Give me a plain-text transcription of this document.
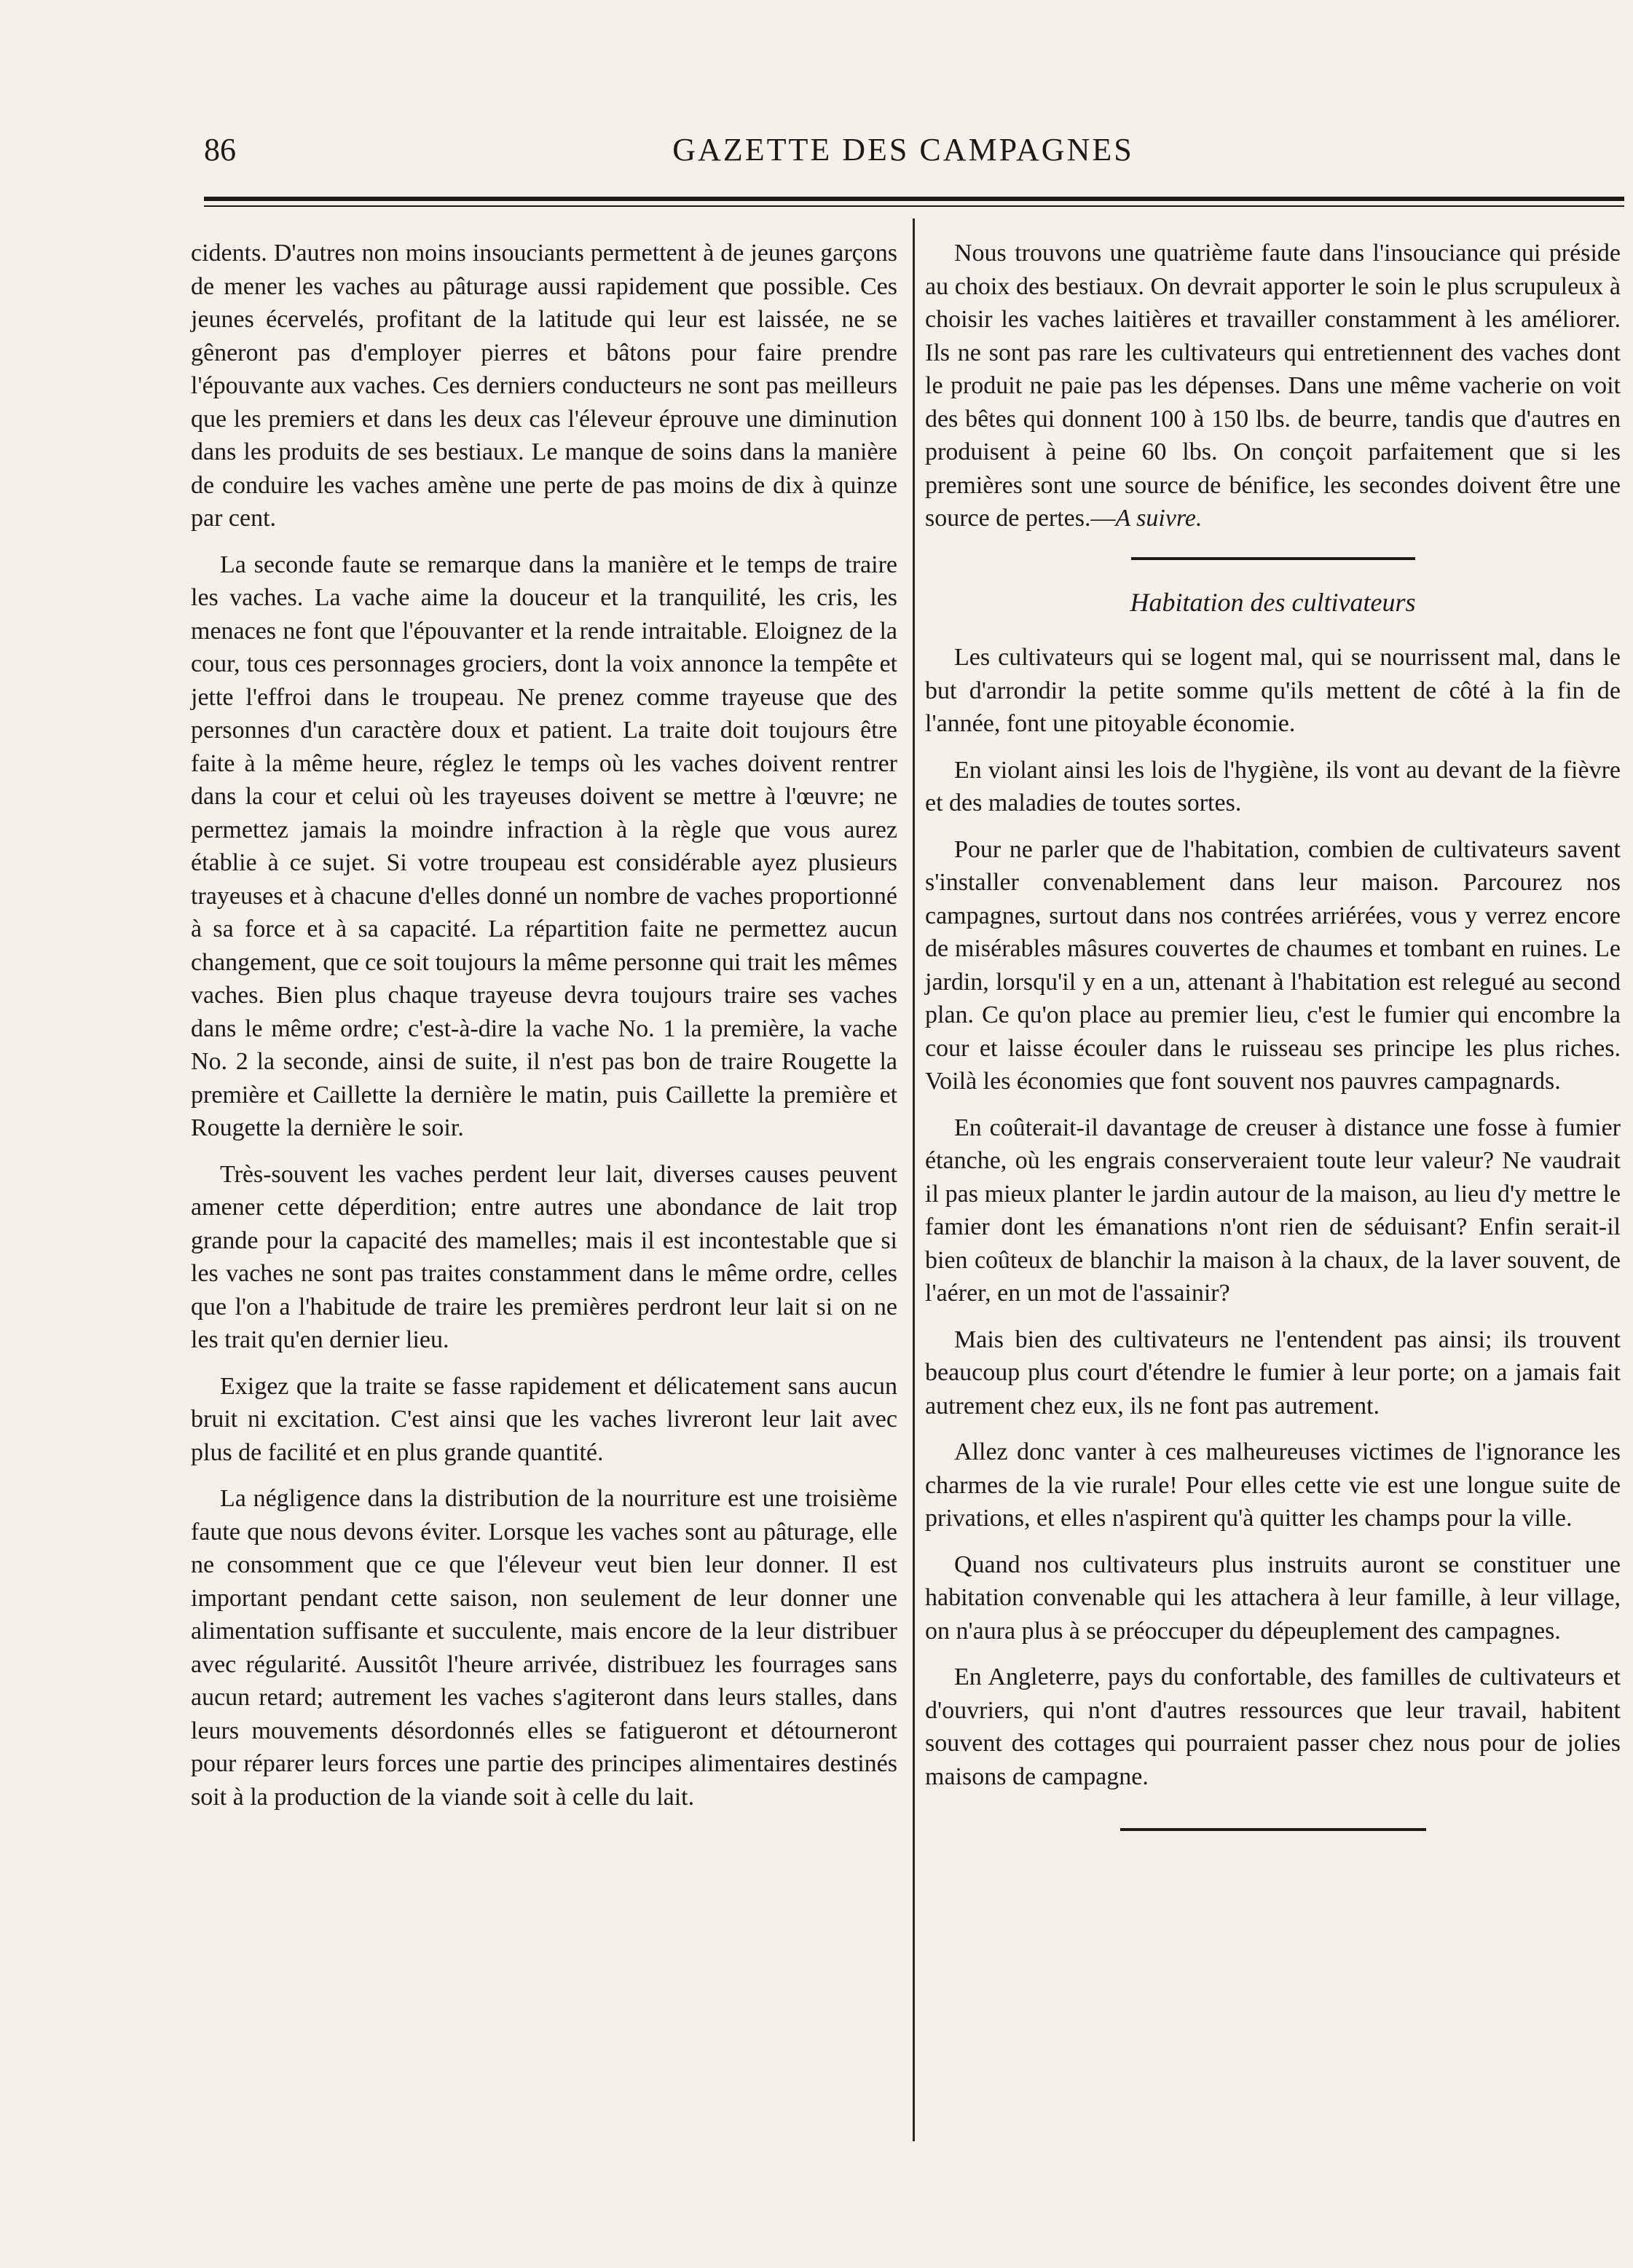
86	GAZETTE DES CAMPAGNES

cidents. D'autres non moins insouciants permettent à de jeunes garçons de mener les vaches au pâturage aussi rapidement que possible. Ces jeunes écervelés, profitant de la latitude qui leur est laissée, ne se gêneront pas d'employer pierres et bâtons pour faire prendre l'épouvante aux vaches. Ces derniers conducteurs ne sont pas meilleurs que les premiers et dans les deux cas l'éleveur éprouve une diminution dans les produits de ses bestiaux. Le manque de soins dans la manière de conduire les vaches amène une perte de pas moins de dix à quinze par cent.

La seconde faute se remarque dans la manière et le temps de traire les vaches. La vache aime la douceur et la tranquilité, les cris, les menaces ne font que l'épouvanter et la rende intraitable. Eloignez de la cour, tous ces personnages grociers, dont la voix annonce la tempête et jette l'effroi dans le troupeau. Ne prenez comme trayeuse que des personnes d'un caractère doux et patient. La traite doit toujours être faite à la même heure, réglez le temps où les vaches doivent rentrer dans la cour et celui où les trayeuses doivent se mettre à l'œuvre; ne permettez jamais la moindre infraction à la règle que vous aurez établie à ce sujet. Si votre troupeau est considérable ayez plusieurs trayeuses et à chacune d'elles donné un nombre de vaches proportionné à sa force et à sa capacité. La répartition faite ne permettez aucun changement, que ce soit toujours la même personne qui trait les mêmes vaches. Bien plus chaque trayeuse devra toujours traire ses vaches dans le même ordre; c'est-à-dire la vache No. 1 la première, la vache No. 2 la seconde, ainsi de suite, il n'est pas bon de traire Rougette la première et Caillette la dernière le matin, puis Caillette la première et Rougette la dernière le soir.

Très-souvent les vaches perdent leur lait, diverses causes peuvent amener cette déperdition; entre autres une abondance de lait trop grande pour la capacité des mamelles; mais il est incontestable que si les vaches ne sont pas traites constamment dans le même ordre, celles que l'on a l'habitude de traire les premières perdront leur lait si on ne les trait qu'en dernier lieu.

Exigez que la traite se fasse rapidement et délicatement sans aucun bruit ni excitation. C'est ainsi que les vaches livreront leur lait avec plus de facilité et en plus grande quantité.

La négligence dans la distribution de la nourriture est une troisième faute que nous devons éviter. Lorsque les vaches sont au pâturage, elle ne consomment que ce que l'éleveur veut bien leur donner. Il est important pendant cette saison, non seulement de leur donner une alimentation suffisante et succulente, mais encore de la leur distribuer avec régularité. Aussitôt l'heure arrivée, distribuez les fourrages sans aucun retard; autrement les vaches s'agiteront dans leurs stalles, dans leurs mouvements désordonnés elles se fatigueront et détourneront pour réparer leurs forces une partie des principes alimentaires destinés soit à la production de la viande soit à celle du lait.

Nous trouvons une quatrième faute dans l'insouciance qui préside au choix des bestiaux. On devrait apporter le soin le plus scrupuleux à choisir les vaches laitières et travailler constamment à les améliorer. Ils ne sont pas rare les cultivateurs qui entretiennent des vaches dont le produit ne paie pas les dépenses. Dans une même vacherie on voit des bêtes qui donnent 100 à 150 lbs. de beurre, tandis que d'autres en produisent à peine 60 lbs. On conçoit parfaitement que si les premières sont une source de bénifice, les secondes doivent être une source de pertes.—A suivre.

Habitation des cultivateurs

Les cultivateurs qui se logent mal, qui se nourrissent mal, dans le but d'arrondir la petite somme qu'ils mettent de côté à la fin de l'année, font une pitoyable économie.

En violant ainsi les lois de l'hygiène, ils vont au devant de la fièvre et des maladies de toutes sortes.

Pour ne parler que de l'habitation, combien de cultivateurs savent s'installer convenablement dans leur maison. Parcourez nos campagnes, surtout dans nos contrées arriérées, vous y verrez encore de misérables mâsures couvertes de chaumes et tombant en ruines. Le jardin, lorsqu'il y en a un, attenant à l'habitation est relegué au second plan. Ce qu'on place au premier lieu, c'est le fumier qui encombre la cour et laisse écouler dans le ruisseau ses principe les plus riches. Voilà les économies que font souvent nos pauvres campagnards.

En coûterait-il davantage de creuser à distance une fosse à fumier étanche, où les engrais conserveraient toute leur valeur? Ne vaudrait il pas mieux planter le jardin autour de la maison, au lieu d'y mettre le famier dont les émanations n'ont rien de séduisant? Enfin serait-il bien coûteux de blanchir la maison à la chaux, de la laver souvent, de l'aérer, en un mot de l'assainir?

Mais bien des cultivateurs ne l'entendent pas ainsi; ils trouvent beaucoup plus court d'étendre le fumier à leur porte; on a jamais fait autrement chez eux, ils ne font pas autrement.

Allez donc vanter à ces malheureuses victimes de l'ignorance les charmes de la vie rurale! Pour elles cette vie est une longue suite de privations, et elles n'aspirent qu'à quitter les champs pour la ville.

Quand nos cultivateurs plus instruits auront se constituer une habitation convenable qui les attachera à leur famille, à leur village, on n'aura plus à se préoccuper du dépeuplement des campagnes.

En Angleterre, pays du confortable, des familles de cultivateurs et d'ouvriers, qui n'ont d'autres ressources que leur travail, habitent souvent des cottages qui pourraient passer chez nous pour de jolies maisons de campagne.
